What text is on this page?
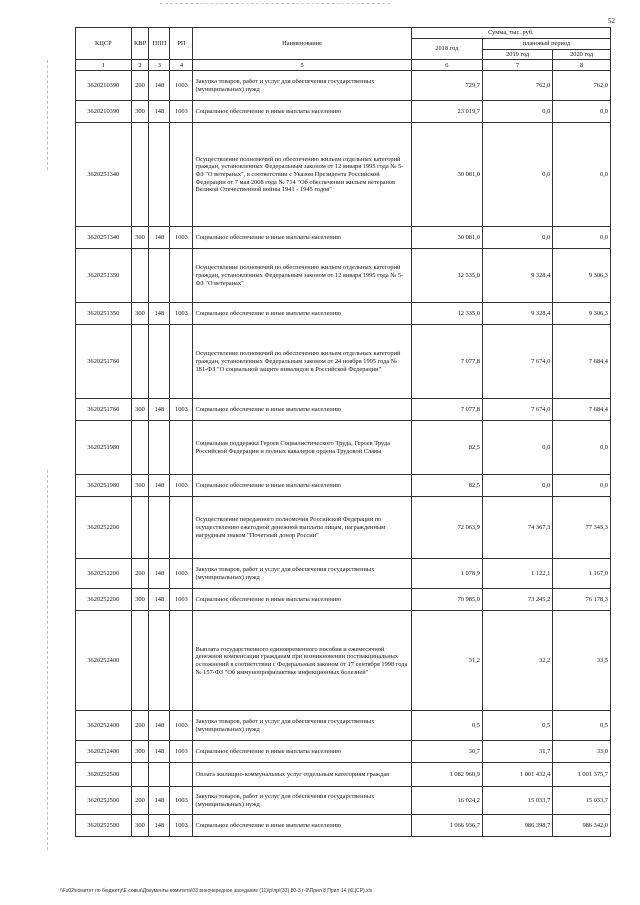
52
КЦСР	КВР	ППП	РП	Наименование	Сумма, тыс. руб.		
					2018 год	плановый период	
						2019 год	2020 год
1	2	3	4	5	6	7	8
3620210390	200	148	1003	Закупка товаров, работ и услуг для обеспечения государственных (муниципальных) нужд	729,7	762,0	762,0
3620210390	300	148	1003	Социальное обеспечение и иные выплаты населению	23 019,7	0,0	0,0
3620251340				Осуществление полномочий по обеспечению жильем отдельных категорий граждан, установленных Федеральным законом от 12 января 1995 года № 5-ФЗ "О ветеранах", в соответствии с Указом Президента Российской Федерации от 7 мая 2008 года № 714 "Об обеспечении жильем ветеранов Великой Отечественной войны 1941 - 1945 годов"	30 081,0	0,0	0,0
3620251340	300	148	1003	Социальное обеспечение и иные выплаты населению	30 081,0	0,0	0,0
3620251350				Осуществление полномочий по обеспечению жильем отдельных категорий граждан, установленных Федеральным законом от 12 января 1995 года № 5-ФЗ "О ветеранах"	12 335,0	9 328,4	9 306,3
3620251350	300	148	1003	Социальное обеспечение и иные выплаты населению	12 335,0	9 328,4	9 306,3
3620251760				Осуществление полномочий по обеспечению жильем отдельных категорий граждан, установленных Федеральным законом от 24 ноября 1995 года № 181-ФЗ "О социальной защите инвалидов в Российской Федерации"	7 077,8	7 674,0	7 684,4
3620251760	300	148	1003	Социальное обеспечение и иные выплаты населению	7 077,8	7 674,0	7 684,4
3620251980				Социальная поддержка Героев Социалистического Труда, Героев Труда Российской Федерации и полных кавалеров ордена Трудовой Славы	82,5	0,0	0,0
3620251980	300	148	1003	Социальное обеспечение и иные выплаты населению	82,5	0,0	0,0
3620252200				Осуществление переданного полномочия Российской Федерации по осуществлению ежегодной денежной выплаты лицам, награжденным нагрудным знаком "Почетный донор России"	72 063,9	74 367,3	77 345,3
3620252200	200	148	1003	Закупка товаров, работ и услуг для обеспечения государственных (муниципальных) нужд	1 078,9	1 122,1	1 167,0
3620252200	300	148	1003	Социальное обеспечение и иные выплаты населению	70 985,0	73 245,2	76 178,3
3620252400				Выплата государственного единовременного пособия и ежемесячной денежной компенсации гражданам при возникновении поствакцинальных осложнений в соответствии с Федеральным законом от 17 сентября 1998 года № 157-ФЗ "Об иммунопрофилактике инфекционных болезней"	31,2	32,2	33,5
3620252400	200	148	1003	Закупка товаров, работ и услуг для обеспечения государственных (муниципальных) нужд	0,5	0,5	0,5
3620252400	300	148	1003	Социальное обеспечение и иные выплаты населению	30,7	31,7	33,0
3620252500				Оплата жилищно-коммунальных услуг отдельным категориям граждан	1 082 960,9	1 001 432,4	1 001 375,7
3620252500	200	148	1003	Закупка товаров, работ и услуг для обеспечения государственных (муниципальных) нужд	16 024,2	15 033,7	15 033,7
3620252500	300	148	1003	Социальное обеспечение и иные выплаты населению	1 066 936,7	986 398,7	986 342,0
\\Fs02\комитет по бюджету\Е совка\Документы комитета\03 внеочередное заседание (11)\р\пр\(33) 80-3 г-9\Прил 8 Прил 14 (КЦСР).xls
